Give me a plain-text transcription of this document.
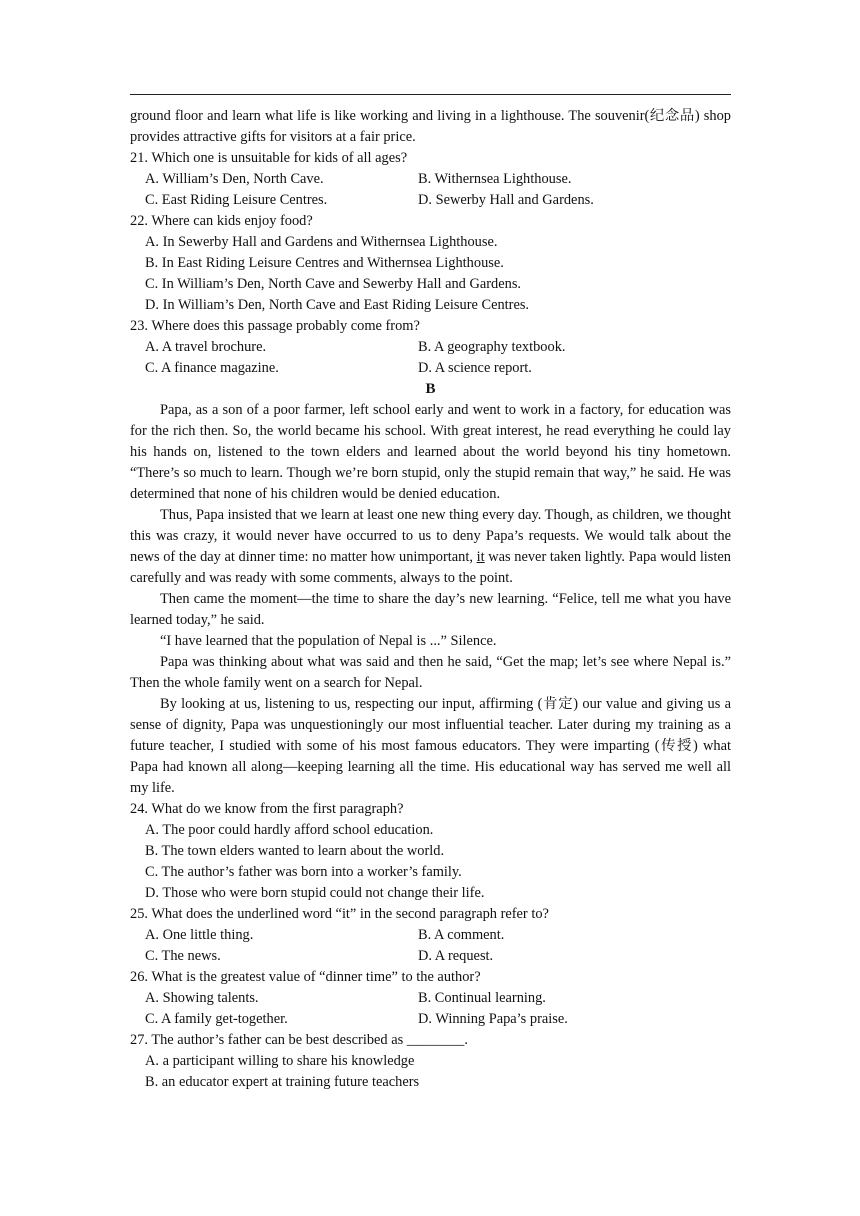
ground floor and learn what life is like working and living in a lighthouse. The souvenir(纪念品) shop provides attractive gifts for visitors at a fair price.

21. Which one is unsuitable for kids of all ages?

A. William’s Den, North Cave.	B. Withernsea Lighthouse.
C. East Riding Leisure Centres.	D. Sewerby Hall and Gardens.

22. Where can kids enjoy food?

A. In Sewerby Hall and Gardens and Withernsea Lighthouse.

B. In East Riding Leisure Centres and Withernsea Lighthouse.

C. In William’s Den, North Cave and Sewerby Hall and Gardens.

D. In William’s Den, North Cave and East Riding Leisure Centres.

23. Where does this passage probably come from?

A. A travel brochure.	B. A geography textbook.
C. A finance magazine.	D. A science report.

B

Papa, as a son of a poor farmer, left school early and went to work in a factory, for education was for the rich then. So, the world became his school. With great interest, he read everything he could lay his hands on, listened to the town elders and learned about the world beyond his tiny hometown. “There’s so much to learn. Though we’re born stupid, only the stupid remain that way,” he said. He was determined that none of his children would be denied education.

Thus, Papa insisted that we learn at least one new thing every day. Though, as children, we thought this was crazy, it would never have occurred to us to deny Papa’s requests. We would talk about the news of the day at dinner time: no matter how unimportant, it was never taken lightly. Papa would listen carefully and was ready with some comments, always to the point.

Then came the moment—the time to share the day’s new learning. “Felice, tell me what you have learned today,” he said.

“I have learned that the population of Nepal is ...” Silence.

Papa was thinking about what was said and then he said, “Get the map; let’s see where Nepal is.” Then the whole family went on a search for Nepal.

By looking at us, listening to us, respecting our input, affirming (肯定) our value and giving us a sense of dignity, Papa was unquestioningly our most influential teacher. Later during my training as a future teacher, I studied with some of his most famous educators. They were imparting (传授) what Papa had known all along—keeping learning all the time. His educational way has served me well all my life.

24. What do we know from the first paragraph?

A. The poor could hardly afford school education.

B. The town elders wanted to learn about the world.

C. The author’s father was born into a worker’s family.

D. Those who were born stupid could not change their life.

25. What does the underlined word “it” in the second paragraph refer to?

A. One little thing.	B. A comment.
C. The news.	D. A request.

26. What is the greatest value of “dinner time” to the author?

A. Showing talents.	B. Continual learning.
C. A family get-together.	D. Winning Papa’s praise.

27. The author’s father can be best described as ________.

A. a participant willing to share his knowledge

B. an educator expert at training future teachers
